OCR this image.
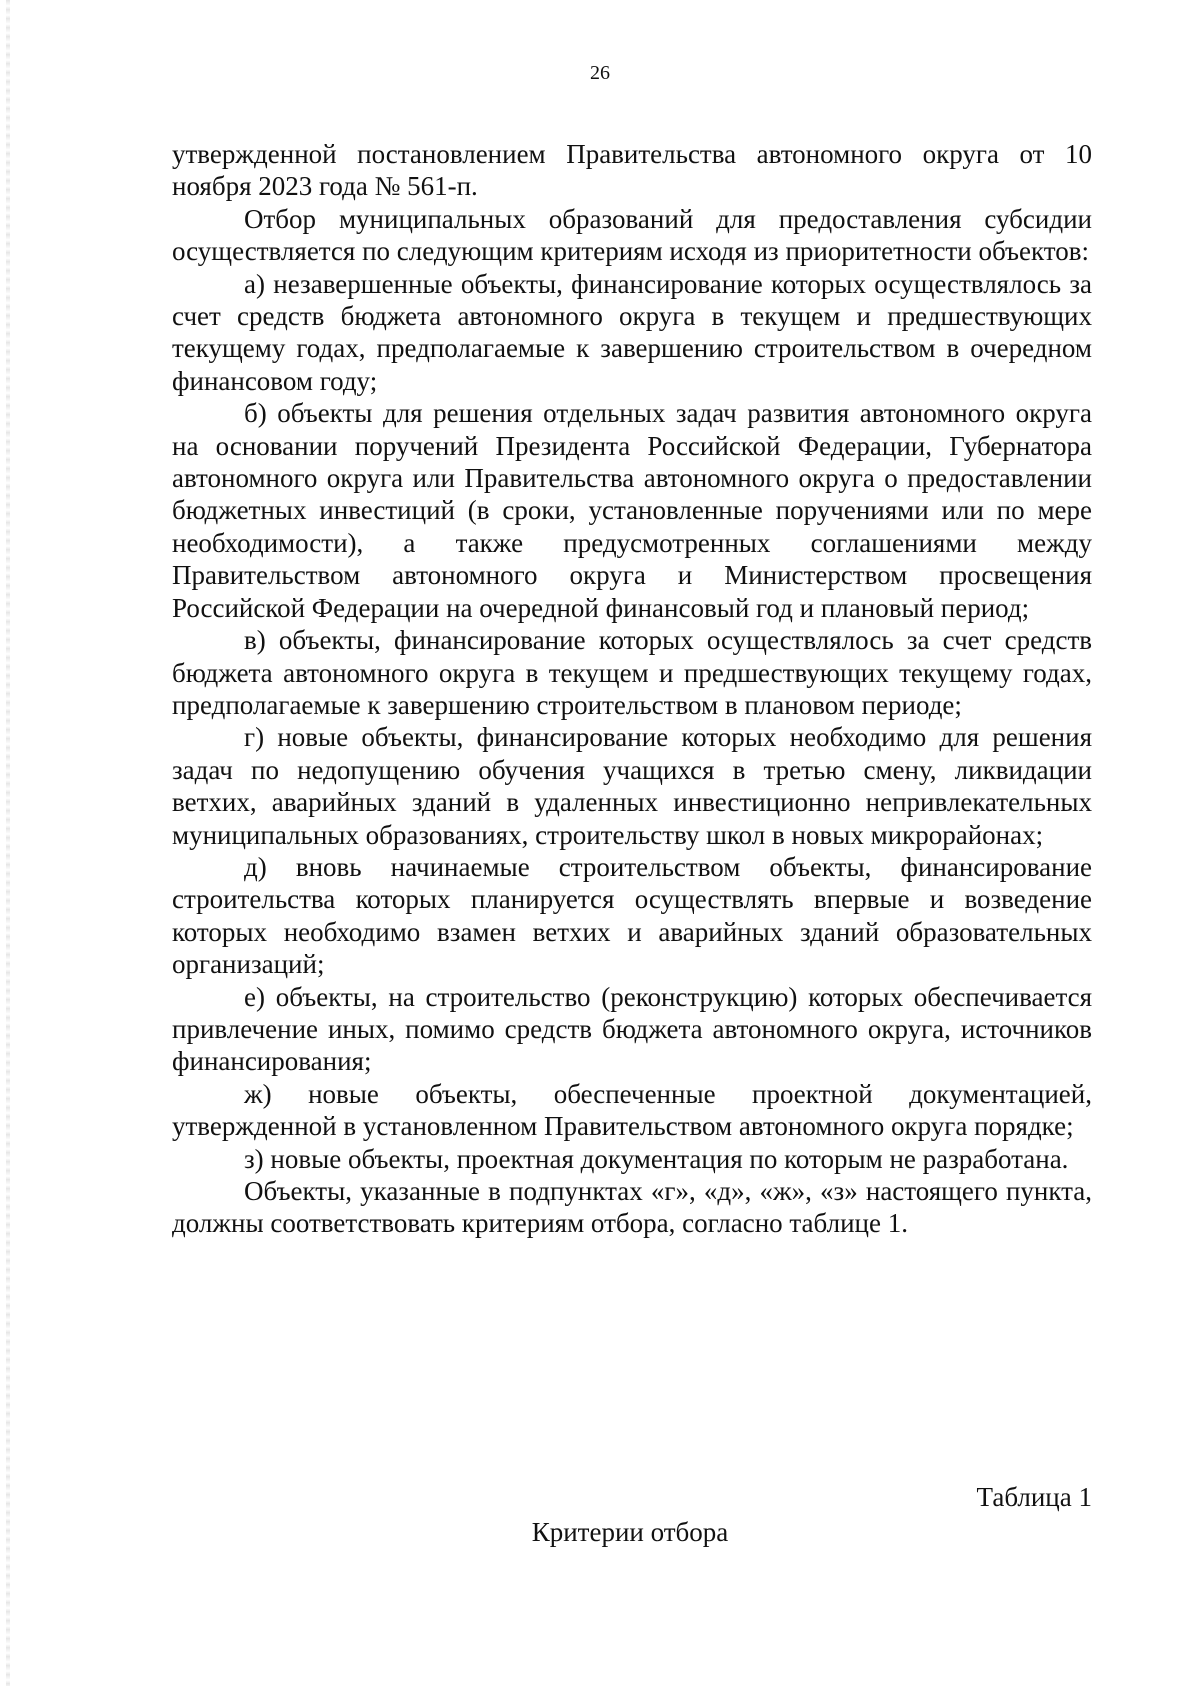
26

утвержденной постановлением Правительства автономного округа от 10 ноября 2023 года № 561-п.

Отбор муниципальных образований для предоставления субсидии осуществляется по следующим критериям исходя из приоритетности объектов:

а) незавершенные объекты, финансирование которых осуществлялось за счет средств бюджета автономного округа в текущем и предшествующих текущему годах, предполагаемые к завершению строительством в очередном финансовом году;

б) объекты для решения отдельных задач развития автономного округа на основании поручений Президента Российской Федерации, Губернатора автономного округа или Правительства автономного округа о предоставлении бюджетных инвестиций (в сроки, установленные поручениями или по мере необходимости), а также предусмотренных соглашениями между Правительством автономного округа и Министерством просвещения Российской Федерации на очередной финансовый год и плановый период;

в) объекты, финансирование которых осуществлялось за счет средств бюджета автономного округа в текущем и предшествующих текущему годах, предполагаемые к завершению строительством в плановом периоде;

г) новые объекты, финансирование которых необходимо для решения задач по недопущению обучения учащихся в третью смену, ликвидации ветхих, аварийных зданий в удаленных инвестиционно непривлекательных муниципальных образованиях, строительству школ в новых микрорайонах;

д) вновь начинаемые строительством объекты, финансирование строительства которых планируется осуществлять впервые и возведение которых необходимо взамен ветхих и аварийных зданий образовательных организаций;

е) объекты, на строительство (реконструкцию) которых обеспечивается привлечение иных, помимо средств бюджета автономного округа, источников финансирования;

ж) новые объекты, обеспеченные проектной документацией, утвержденной в установленном Правительством автономного округа порядке;

з) новые объекты, проектная документация по которым не разработана.

Объекты, указанные в подпунктах «г», «д», «ж», «з» настоящего пункта, должны соответствовать критериям отбора, согласно таблице 1.

Таблица 1
Критерии отбора
